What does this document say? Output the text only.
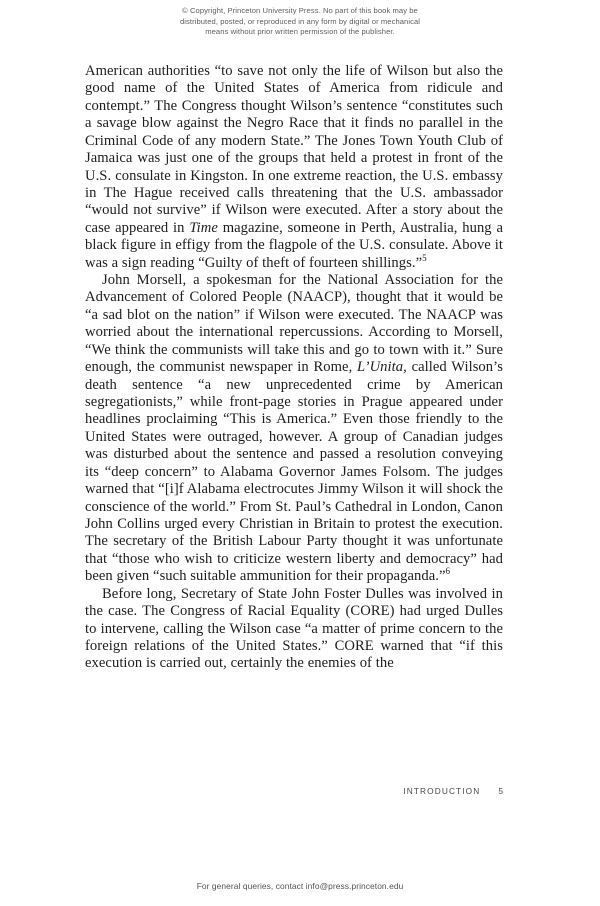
© Copyright, Princeton University Press. No part of this book may be
distributed, posted, or reproduced in any form by digital or mechanical
means without prior written permission of the publisher.

American authorities “to save not only the life of Wilson but also the good name of the United States of America from ridicule and contempt.” The Congress thought Wilson’s sentence “constitutes such a savage blow against the Negro Race that it finds no parallel in the Criminal Code of any modern State.” The Jones Town Youth Club of Jamaica was just one of the groups that held a protest in front of the U.S. consulate in Kingston. In one extreme reaction, the U.S. embassy in The Hague received calls threatening that the U.S. ambassador “would not survive” if Wilson were executed. After a story about the case appeared in Time magazine, someone in Perth, Australia, hung a black figure in effigy from the flagpole of the U.S. consulate. Above it was a sign reading “Guilty of theft of fourteen shillings.”$^5$

John Morsell, a spokesman for the National Association for the Advancement of Colored People (NAACP), thought that it would be “a sad blot on the nation” if Wilson were executed. The NAACP was worried about the international repercussions. According to Morsell, “We think the communists will take this and go to town with it.” Sure enough, the communist newspaper in Rome, L’Unita, called Wilson’s death sentence “a new unprecedented crime by American segregationists,” while front-page stories in Prague appeared under headlines proclaiming “This is America.” Even those friendly to the United States were outraged, however. A group of Canadian judges was disturbed about the sentence and passed a resolution conveying its “deep concern” to Alabama Governor James Folsom. The judges warned that “[i]f Alabama electrocutes Jimmy Wilson it will shock the conscience of the world.” From St. Paul’s Cathedral in London, Canon John Collins urged every Christian in Britain to protest the execution. The secretary of the British Labour Party thought it was unfortunate that “those who wish to criticize western liberty and democracy” had been given “such suitable ammunition for their propaganda.”$^6$

Before long, Secretary of State John Foster Dulles was involved in the case. The Congress of Racial Equality (CORE) had urged Dulles to intervene, calling the Wilson case “a matter of prime concern to the foreign relations of the United States.” CORE warned that “if this execution is carried out, certainly the enemies of the

INTRODUCTION 5
For general queries, contact info@press.princeton.edu
